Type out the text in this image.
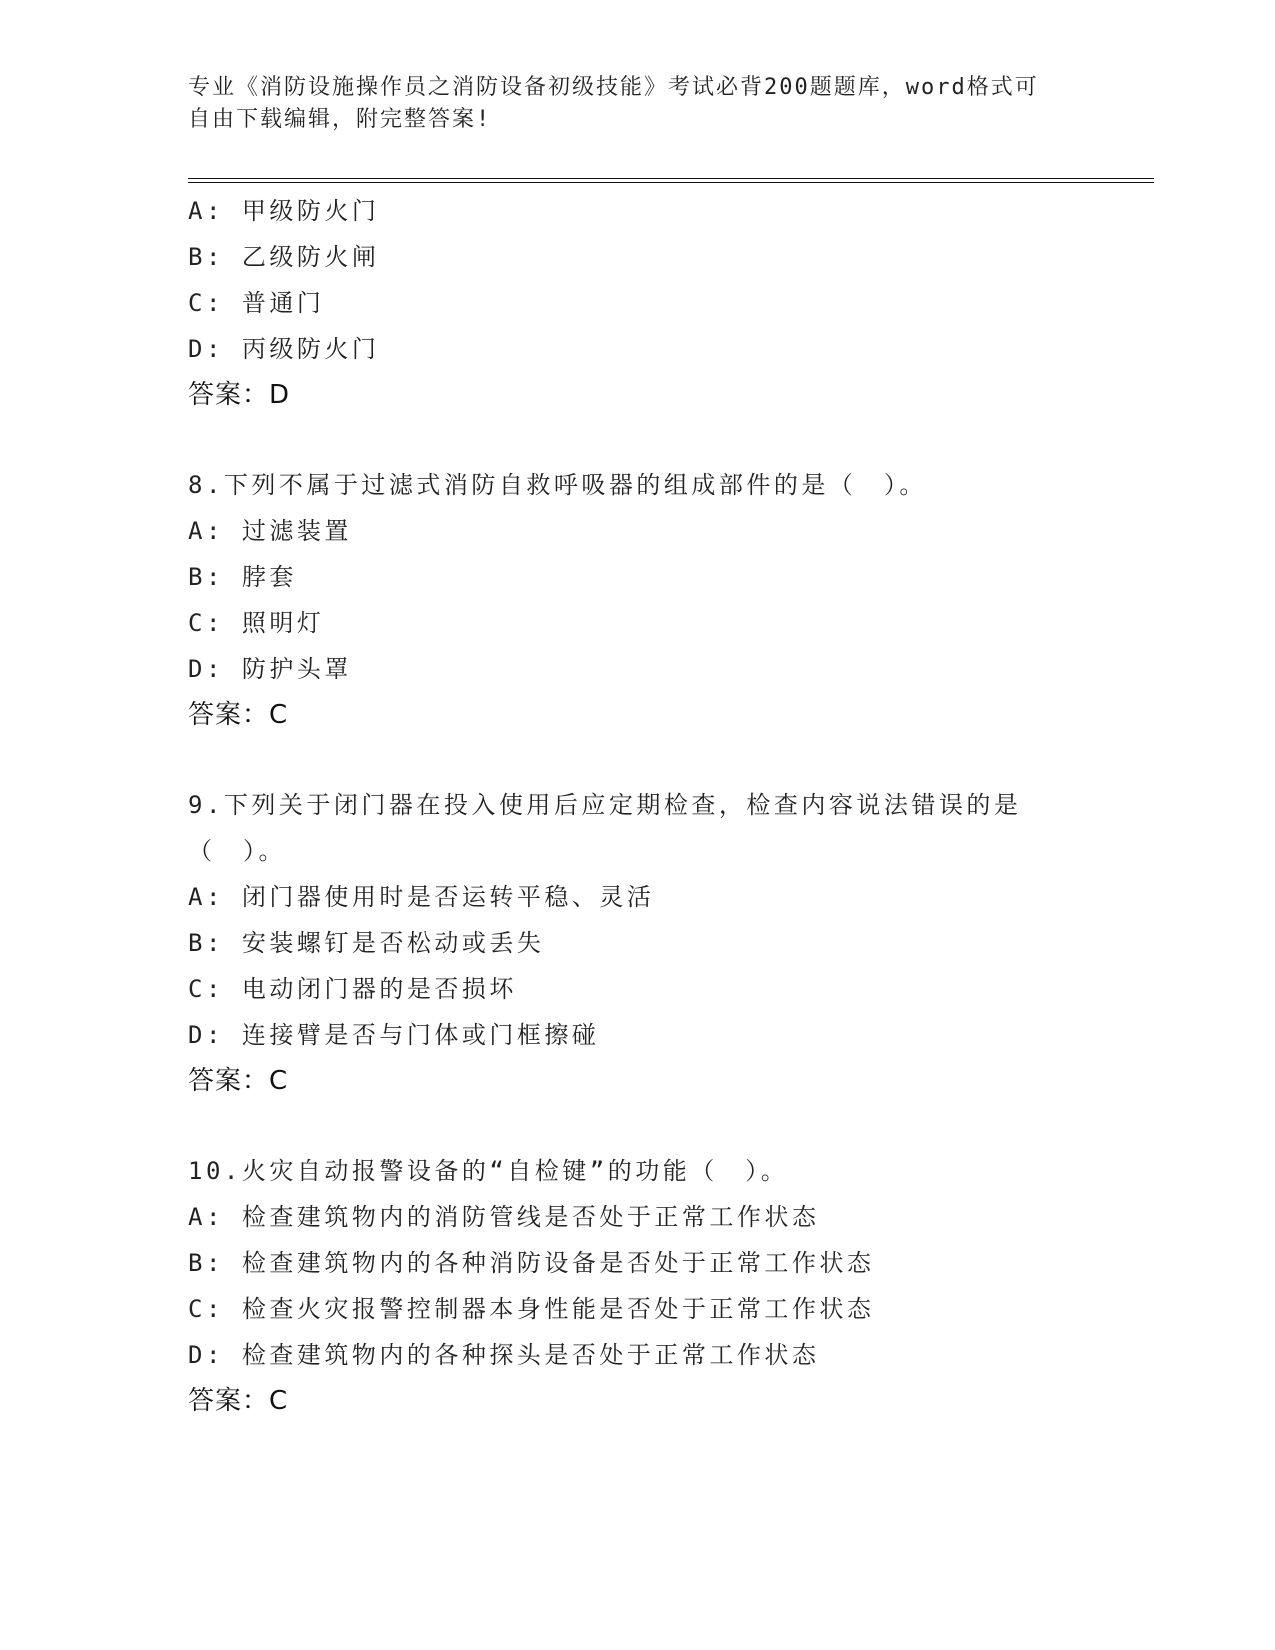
专业《消防设施操作员之消防设备初级技能》考试必背200题题库，word格式可
自由下载编辑，附完整答案!
A: 甲级防火门
B: 乙级防火闸
C: 普通门
D: 丙级防火门
答案：D
8.下列不属于过滤式消防自救呼吸器的组成部件的是（　）。
A: 过滤装置
B: 脖套
C: 照明灯
D: 防护头罩
答案：C
9.下列关于闭门器在投入使用后应定期检查，检查内容说法错误的是
（　）。
A: 闭门器使用时是否运转平稳、灵活
B: 安装螺钉是否松动或丢失
C: 电动闭门器的是否损坏
D: 连接臂是否与门体或门框擦碰
答案：C
10.火灾自动报警设备的“自检键”的功能（　）。
A: 检查建筑物内的消防管线是否处于正常工作状态
B: 检查建筑物内的各种消防设备是否处于正常工作状态
C: 检查火灾报警控制器本身性能是否处于正常工作状态
D: 检查建筑物内的各种探头是否处于正常工作状态
答案：C
